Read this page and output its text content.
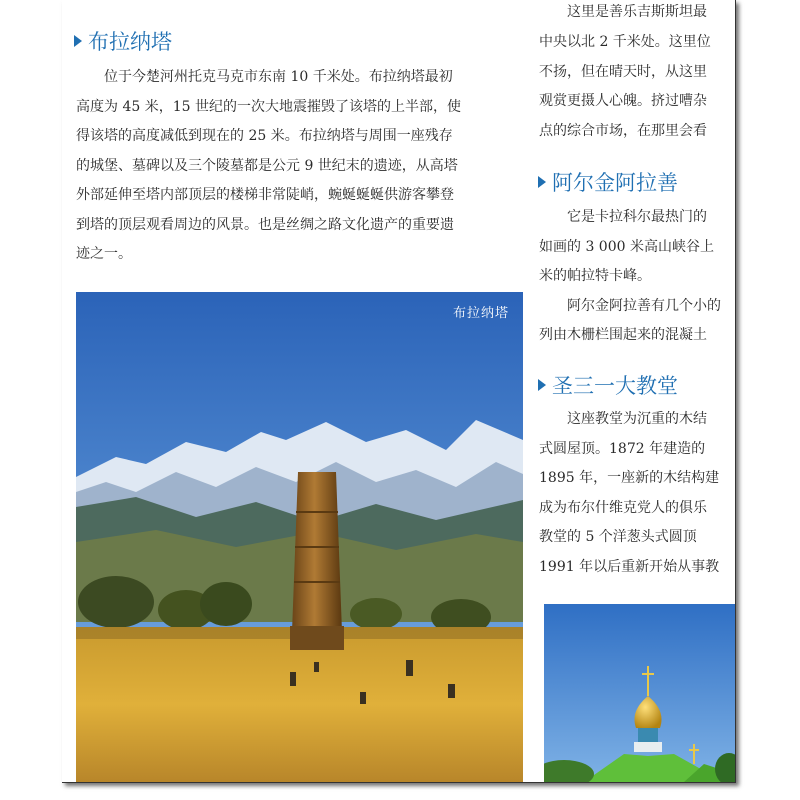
布拉纳塔
位于今楚河州托克马克市东南 10 千米处。布拉纳塔最初
高度为 45 米，15 世纪的一次大地震摧毁了该塔的上半部，使
得该塔的高度减低到现在的 25 米。布拉纳塔与周围一座残存
的城堡、墓碑以及三个陵墓都是公元 9 世纪末的遗迹，从高塔
外部延伸至塔内部顶层的楼梯非常陡峭，蜿蜒蜒蜒供游客攀登
到塔的顶层观看周边的风景。也是丝绸之路文化遗产的重要遗
迹之一。
布拉纳塔
这里是善乐吉斯斯坦最
中央以北 2 千米处。这里位
不扬，但在晴天时，从这里
观赏更摄人心魄。挤过嘈杂
点的综合市场，在那里会看
阿尔金阿拉善
它是卡拉科尔最热门的
如画的 3 000 米高山峡谷上
米的帕拉特卡峰。
阿尔金阿拉善有几个小的
列由木栅栏围起来的混凝土
圣三一大教堂
这座教堂为沉重的木结
式圆屋顶。1872 年建造的
1895 年，一座新的木结构建
成为布尔什维克党人的俱乐
教堂的 5 个洋葱头式圆顶
1991 年以后重新开始从事教
